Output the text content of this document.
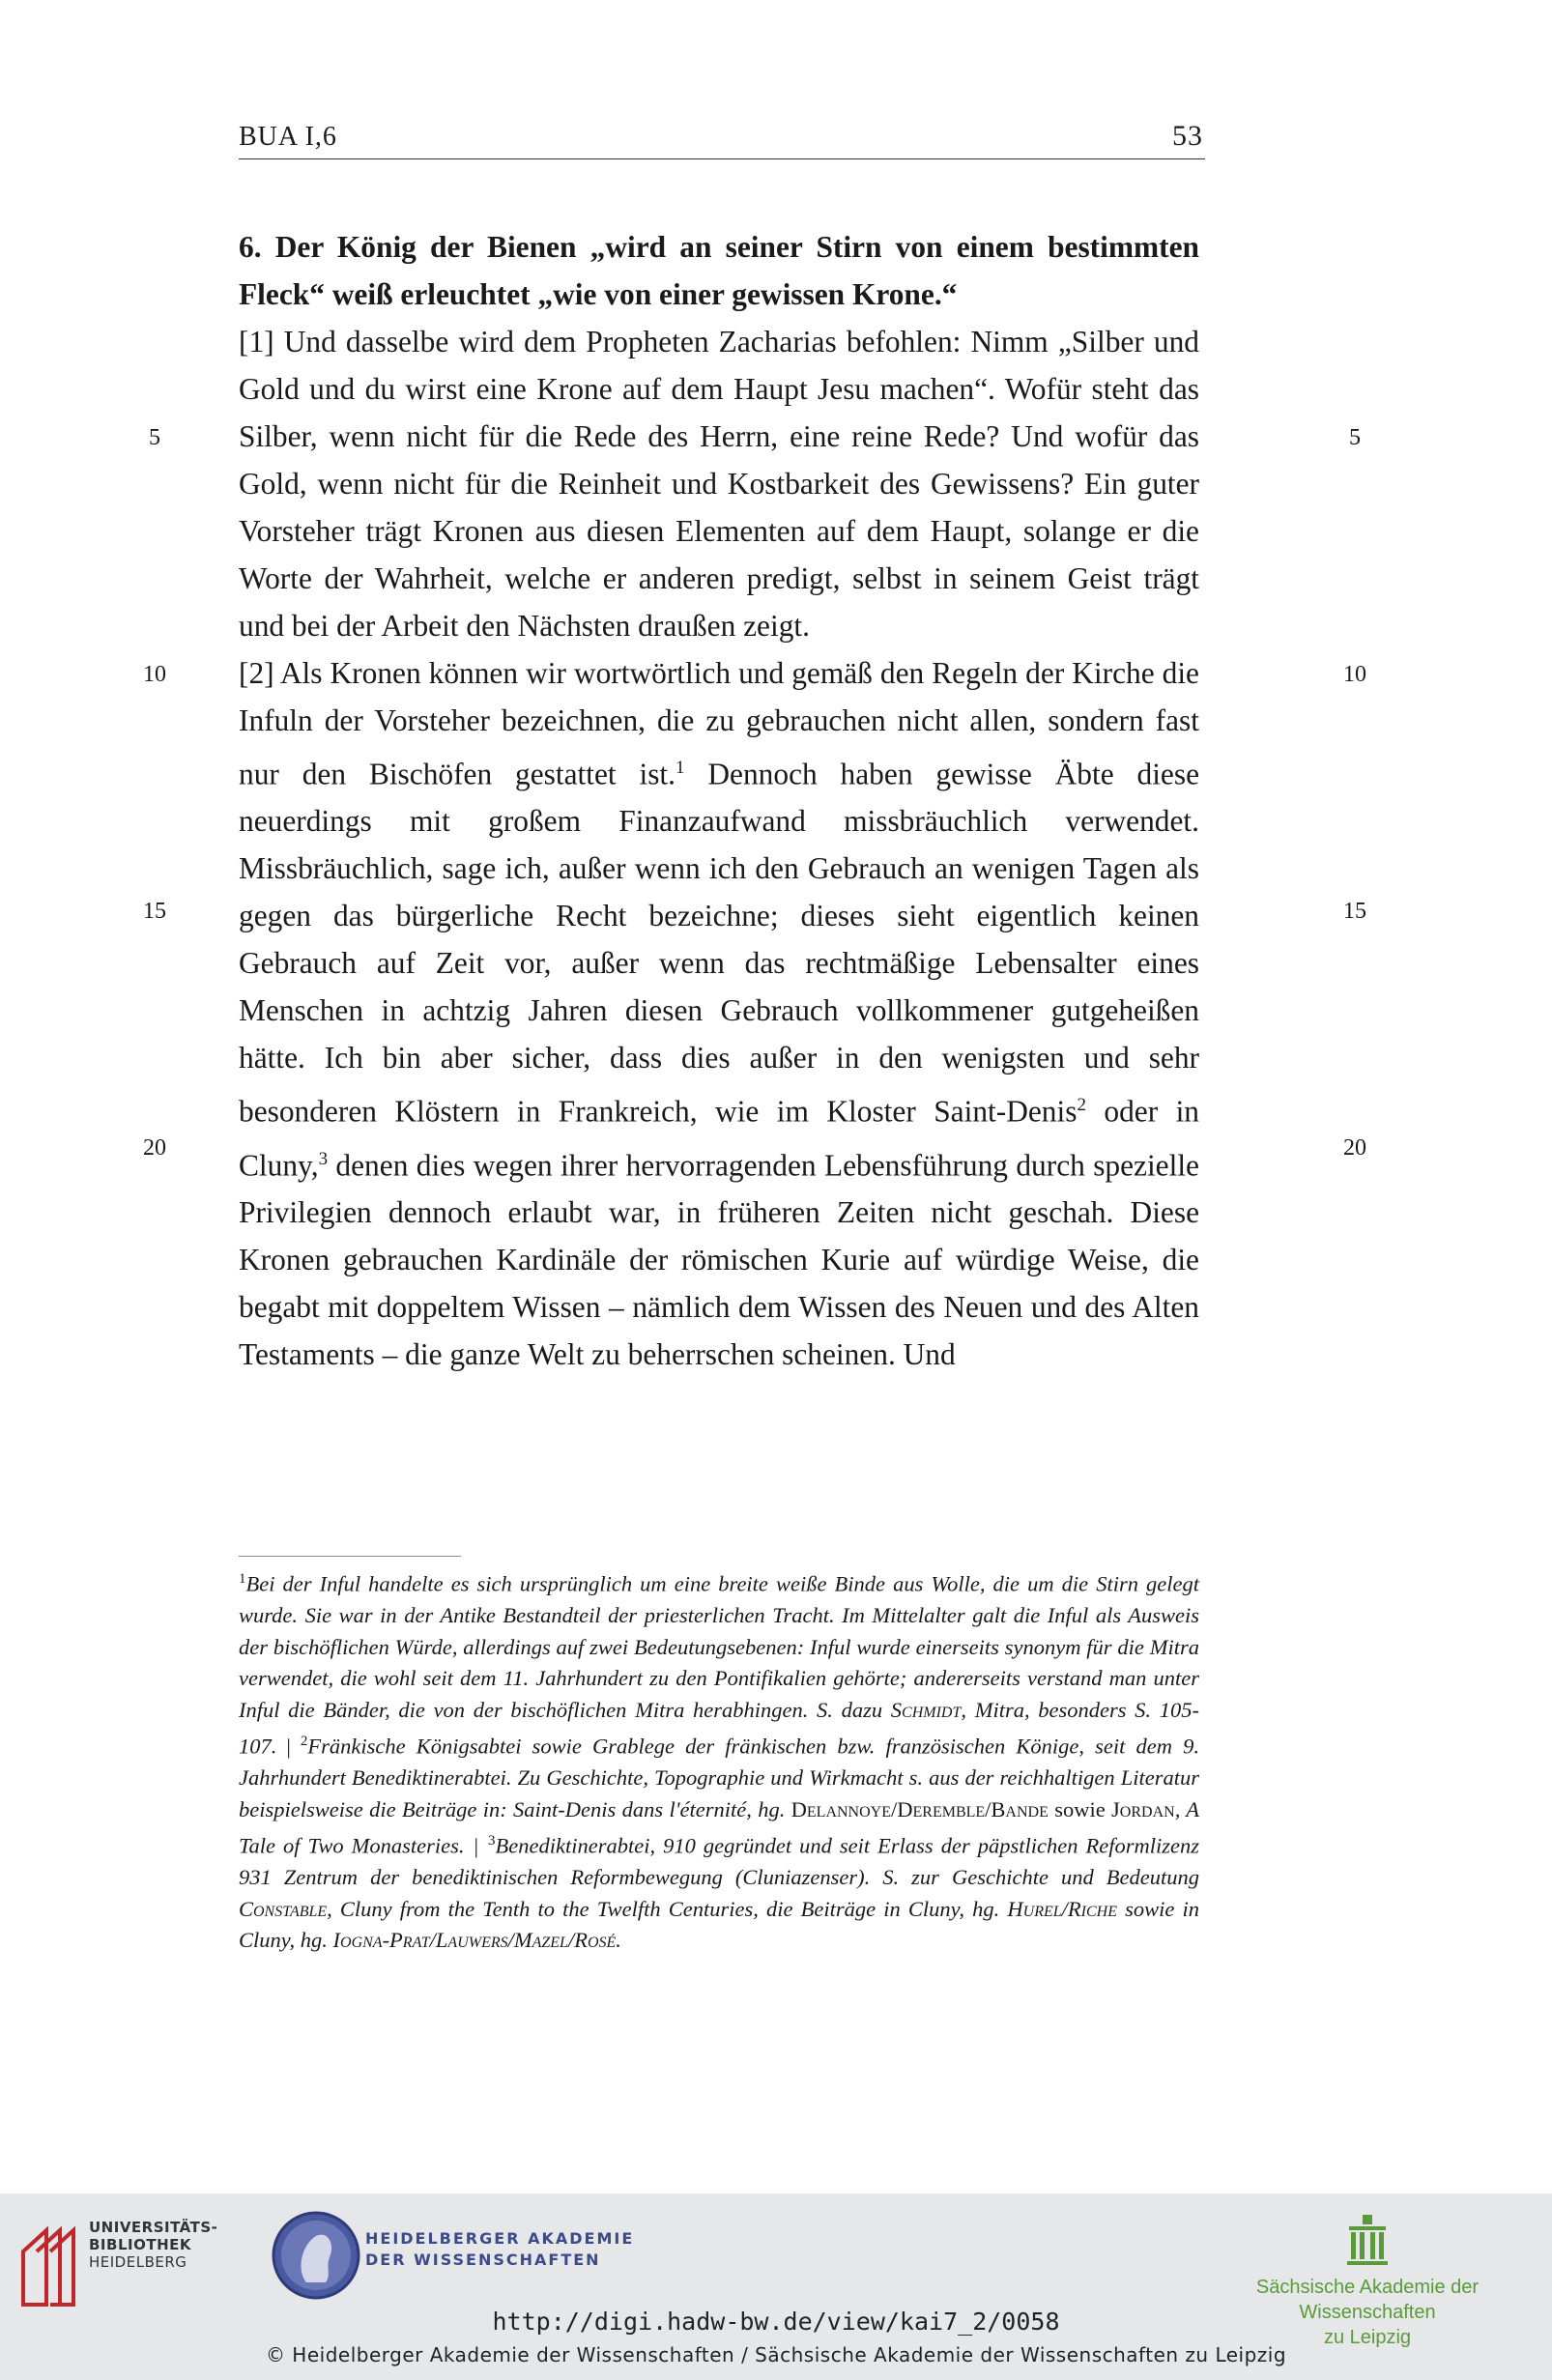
BUA I,6	53
6. Der König der Bienen „wird an seiner Stirn von einem bestimmten
Fleck“ weiß erleuchtet „wie von einer gewissen Krone.“

[1] Und dasselbe wird dem Propheten Zacharias befohlen: Nimm „Silber und Gold und du wirst eine Krone auf dem Haupt Jesu machen“. Wofür steht das Silber, wenn nicht für die Rede des Herrn, eine reine Rede? Und wofür das Gold, wenn nicht für die Reinheit und Kostbarkeit des Gewissens? Ein guter Vorsteher trägt Kronen aus diesen Elementen auf dem Haupt, solange er die Worte der Wahrheit, welche er anderen predigt, selbst in seinem Geist trägt und bei der Arbeit den Nächsten draußen zeigt.

[2] Als Kronen können wir wortwörtlich und gemäß den Regeln der Kirche die Infuln der Vorsteher bezeichnen, die zu gebrauchen nicht allen, sondern fast nur den Bischöfen gestattet ist.$^1$ Dennoch haben gewisse Äbte diese neuerdings mit großem Finanzaufwand missbräuchlich verwendet. Missbräuchlich, sage ich, außer wenn ich den Gebrauch an wenigen Tagen als gegen das bürgerliche Recht bezeichne; dieses sieht eigentlich keinen Gebrauch auf Zeit vor, außer wenn das rechtmäßige Lebensalter eines Menschen in achtzig Jahren diesen Gebrauch vollkommener gutgeheißen hätte. Ich bin aber sicher, dass dies außer in den wenigsten und sehr besonderen Klöstern in Frankreich, wie im Kloster Saint-Denis$^2$ oder in Cluny,$^3$ denen dies wegen ihrer hervorragenden Lebensführung durch spezielle Privilegien dennoch erlaubt war, in früheren Zeiten nicht geschah. Diese Kronen gebrauchen Kardinäle der römischen Kurie auf würdige Weise, die begabt mit doppeltem Wissen – nämlich dem Wissen des Neuen und des Alten Testaments – die ganze Welt zu beherrschen scheinen. Und

5	5
10	10
15	15
20	20
$^1$Bei der Inful handelte es sich ursprünglich um eine breite weiße Binde aus Wolle, die um die Stirn gelegt wurde. Sie war in der Antike Bestandteil der priesterlichen Tracht. Im Mittelalter galt die Inful als Ausweis der bischöflichen Würde, allerdings auf zwei Bedeutungsebenen: Inful wurde einerseits synonym für die Mitra verwendet, die wohl seit dem 11. Jahrhundert zu den Pontifikalien gehörte; andererseits verstand man unter Inful die Bänder, die von der bischöflichen Mitra herabhingen. S. dazu Schmidt, Mitra, besonders S. 105-107. | $^2$Fränkische Königsabtei sowie Grablege der fränkischen bzw. französischen Könige, seit dem 9. Jahrhundert Benediktinerabtei. Zu Geschichte, Topographie und Wirkmacht s. aus der reichhaltigen Literatur beispielsweise die Beiträge in: Saint-Denis dans l'éternité, hg. Delannoye/Deremble/Bande sowie Jordan, A Tale of Two Monasteries. | $^3$Benediktinerabtei, 910 gegründet und seit Erlass der päpstlichen Reformlizenz 931 Zentrum der benediktinischen Reformbewegung (Cluniazenser). S. zur Geschichte und Bedeutung Constable, Cluny from the Tenth to the Twelfth Centuries, die Beiträge in Cluny, hg. Hurel/Riche sowie in Cluny, hg. Iogna-Prat/Lauwers/Mazel/Rosé.
UNIVERSITÄTS-
BIBLIOTHEK
HEIDELBERG
HEIDELBERGER AKADEMIE
DER WISSENSCHAFTEN
Sächsische Akademie der Wissenschaften
zu Leipzig
http://digi.hadw-bw.de/view/kai7_2/0058
© Heidelberger Akademie der Wissenschaften / Sächsische Akademie der Wissenschaften zu Leipzig
